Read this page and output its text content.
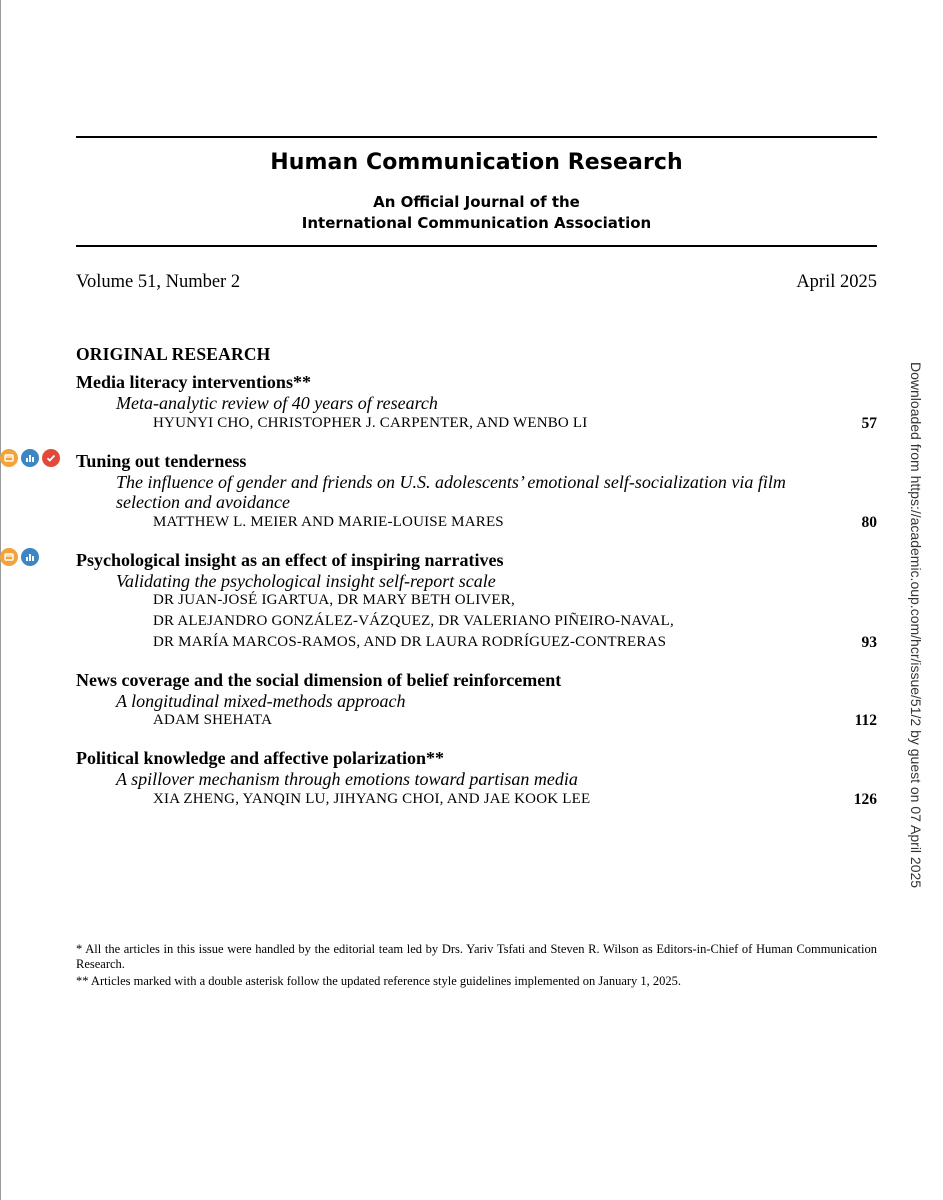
Human Communication Research
An Official Journal of the
International Communication Association
Volume 51, Number 2	April 2025
ORIGINAL RESEARCH
Media literacy interventions**
Meta-analytic review of 40 years of research
HYUNYI CHO, CHRISTOPHER J. CARPENTER, AND WENBO LI	57
Tuning out tenderness
The influence of gender and friends on U.S. adolescents’ emotional self-socialization via film
selection and avoidance
MATTHEW L. MEIER AND MARIE-LOUISE MARES	80
Psychological insight as an effect of inspiring narratives
Validating the psychological insight self-report scale
DR JUAN-JOSÉ IGARTUA, DR MARY BETH OLIVER,
DR ALEJANDRO GONZÁLEZ-VÁZQUEZ, DR VALERIANO PIÑEIRO-NAVAL,
DR MARÍA MARCOS-RAMOS, AND DR LAURA RODRÍGUEZ-CONTRERAS	93
News coverage and the social dimension of belief reinforcement
A longitudinal mixed-methods approach
ADAM SHEHATA	112
Political knowledge and affective polarization**
A spillover mechanism through emotions toward partisan media
XIA ZHENG, YANQIN LU, JIHYANG CHOI, AND JAE KOOK LEE	126
* All the articles in this issue were handled by the editorial team led by Drs. Yariv Tsfati and Steven R. Wilson as Editors-in-Chief of Human Communication Research.
** Articles marked with a double asterisk follow the updated reference style guidelines implemented on January 1, 2025.
Downloaded from https://academic.oup.com/hcr/issue/51/2 by guest on 07 April 2025
